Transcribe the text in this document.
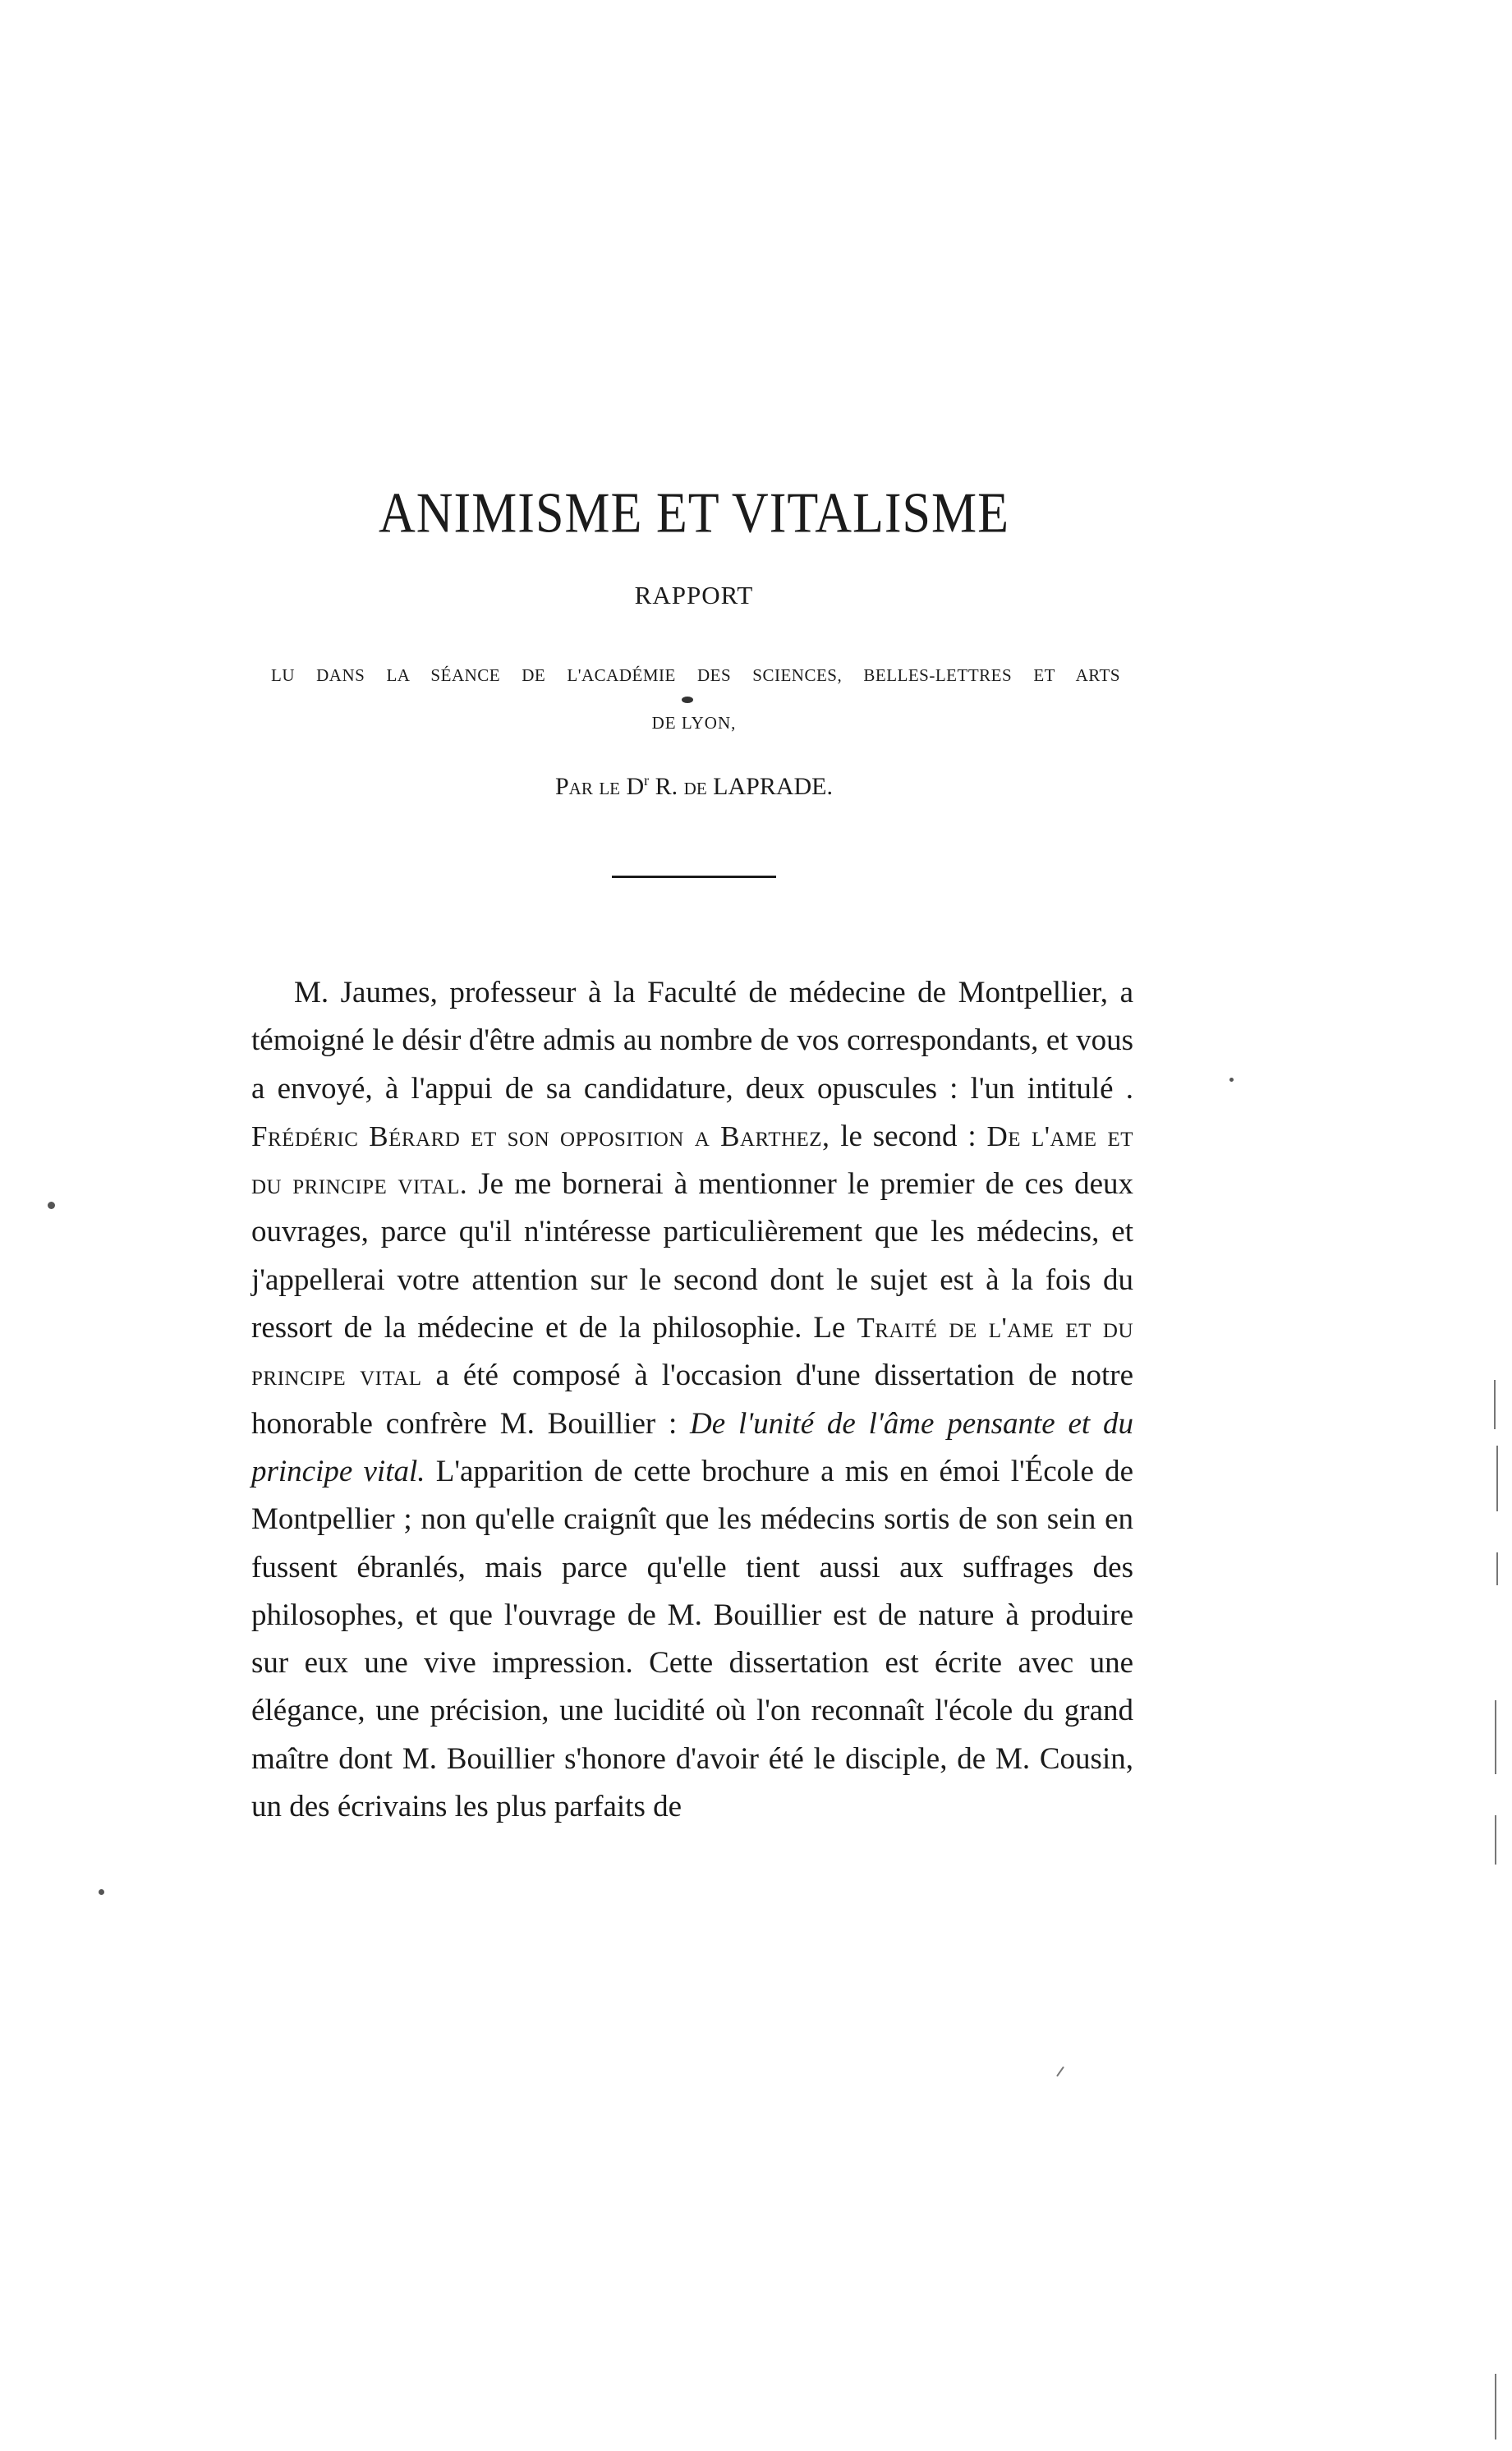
ANIMISME ET VITALISME
RAPPORT
LU DANS LA SÉANCE DE L'ACADÉMIE DES SCIENCES, BELLES-LETTRES ET ARTS
DE LYON,
Par le $D^r$ R. de LAPRADE.
M. Jaumes, professeur à la Faculté de médecine de Montpellier, a témoigné le désir d'être admis au nombre de vos correspondants, et vous a envoyé, à l'appui de sa candidature, deux opuscules : l'un intitulé . Frédéric Bérard et son opposition a Barthez, le second : De l'ame et du principe vital. Je me bornerai à mentionner le premier de ces deux ouvrages, parce qu'il n'intéresse particulièrement que les médecins, et j'appellerai votre attention sur le second dont le sujet est à la fois du ressort de la médecine et de la philosophie. Le Traité de l'ame et du principe vital a été composé à l'occasion d'une dissertation de notre honorable confrère M. Bouillier : De l'unité de l'âme pensante et du principe vital. L'apparition de cette brochure a mis en émoi l'École de Montpellier ; non qu'elle craignît que les médecins sortis de son sein en fussent ébranlés, mais parce qu'elle tient aussi aux suffrages des philosophes, et que l'ouvrage de M. Bouillier est de nature à produire sur eux une vive impression. Cette dissertation est écrite avec une élégance, une précision, une lucidité où l'on reconnaît l'école du grand maître dont M. Bouillier s'honore d'avoir été le disciple, de M. Cousin, un des écrivains les plus parfaits de
